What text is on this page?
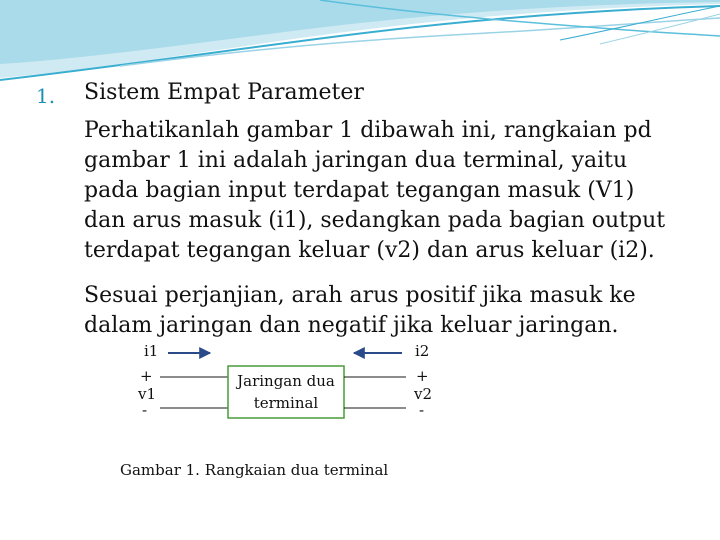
1. Sistem Empat Parameter
Perhatikanlah gambar 1 dibawah ini, rangkaian pd
gambar 1 ini adalah jaringan dua terminal, yaitu
pada bagian input terdapat tegangan masuk (V1)
dan arus masuk (i1), sedangkan pada bagian output
terdapat tegangan keluar (v2) dan arus keluar (i2).
Sesuai perjanjian, arah arus positif jika masuk ke
dalam jaringan dan negatif jika keluar jaringan.
i1	i2
+
v1
-
+
v2
-
Jaringan dua
terminal
Gambar 1. Rangkaian dua terminal
